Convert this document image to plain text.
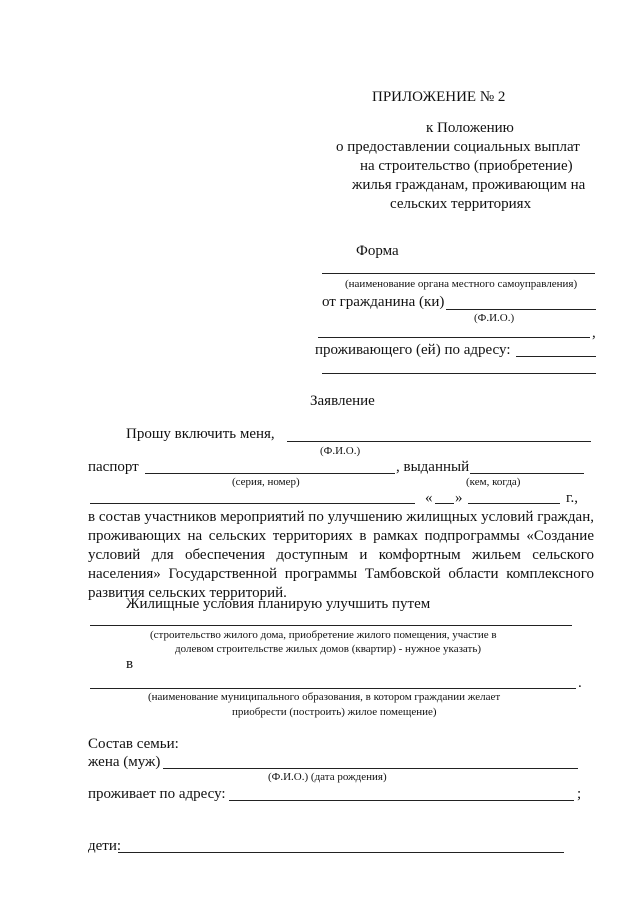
ПРИЛОЖЕНИЕ № 2
к Положению
о предоставлении социальных выплат
на строительство (приобретение)
жилья гражданам, проживающим на
сельских территориях
Форма
(наименование органа местного самоуправления)
от гражданина (ки)
(Ф.И.О.)
,
проживающего (ей) по адресу:
Заявление
Прошу включить меня,
(Ф.И.О.)
паспорт	, выданный
(серия, номер)	(кем, когда)
« »	г.,
в состав участников мероприятий по улучшению жилищных условий граждан, проживающих на сельских территориях в рамках подпрограммы «Создание условий для обеспечения доступным и комфортным жильем сельского населения» Государственной программы Тамбовской области комплексного развития сельских территорий.
Жилищные условия планирую улучшить путем
(строительство жилого дома, приобретение жилого помещения, участие в
долевом строительстве жилых домов (квартир) - нужное указать)
в
.
(наименование муниципального образования, в котором граждании желает
приобрести (построить) жилое помещение)
Состав семьи:
жена (муж)
(Ф.И.О.) (дата рождения)
проживает по адресу:	;
дети:
